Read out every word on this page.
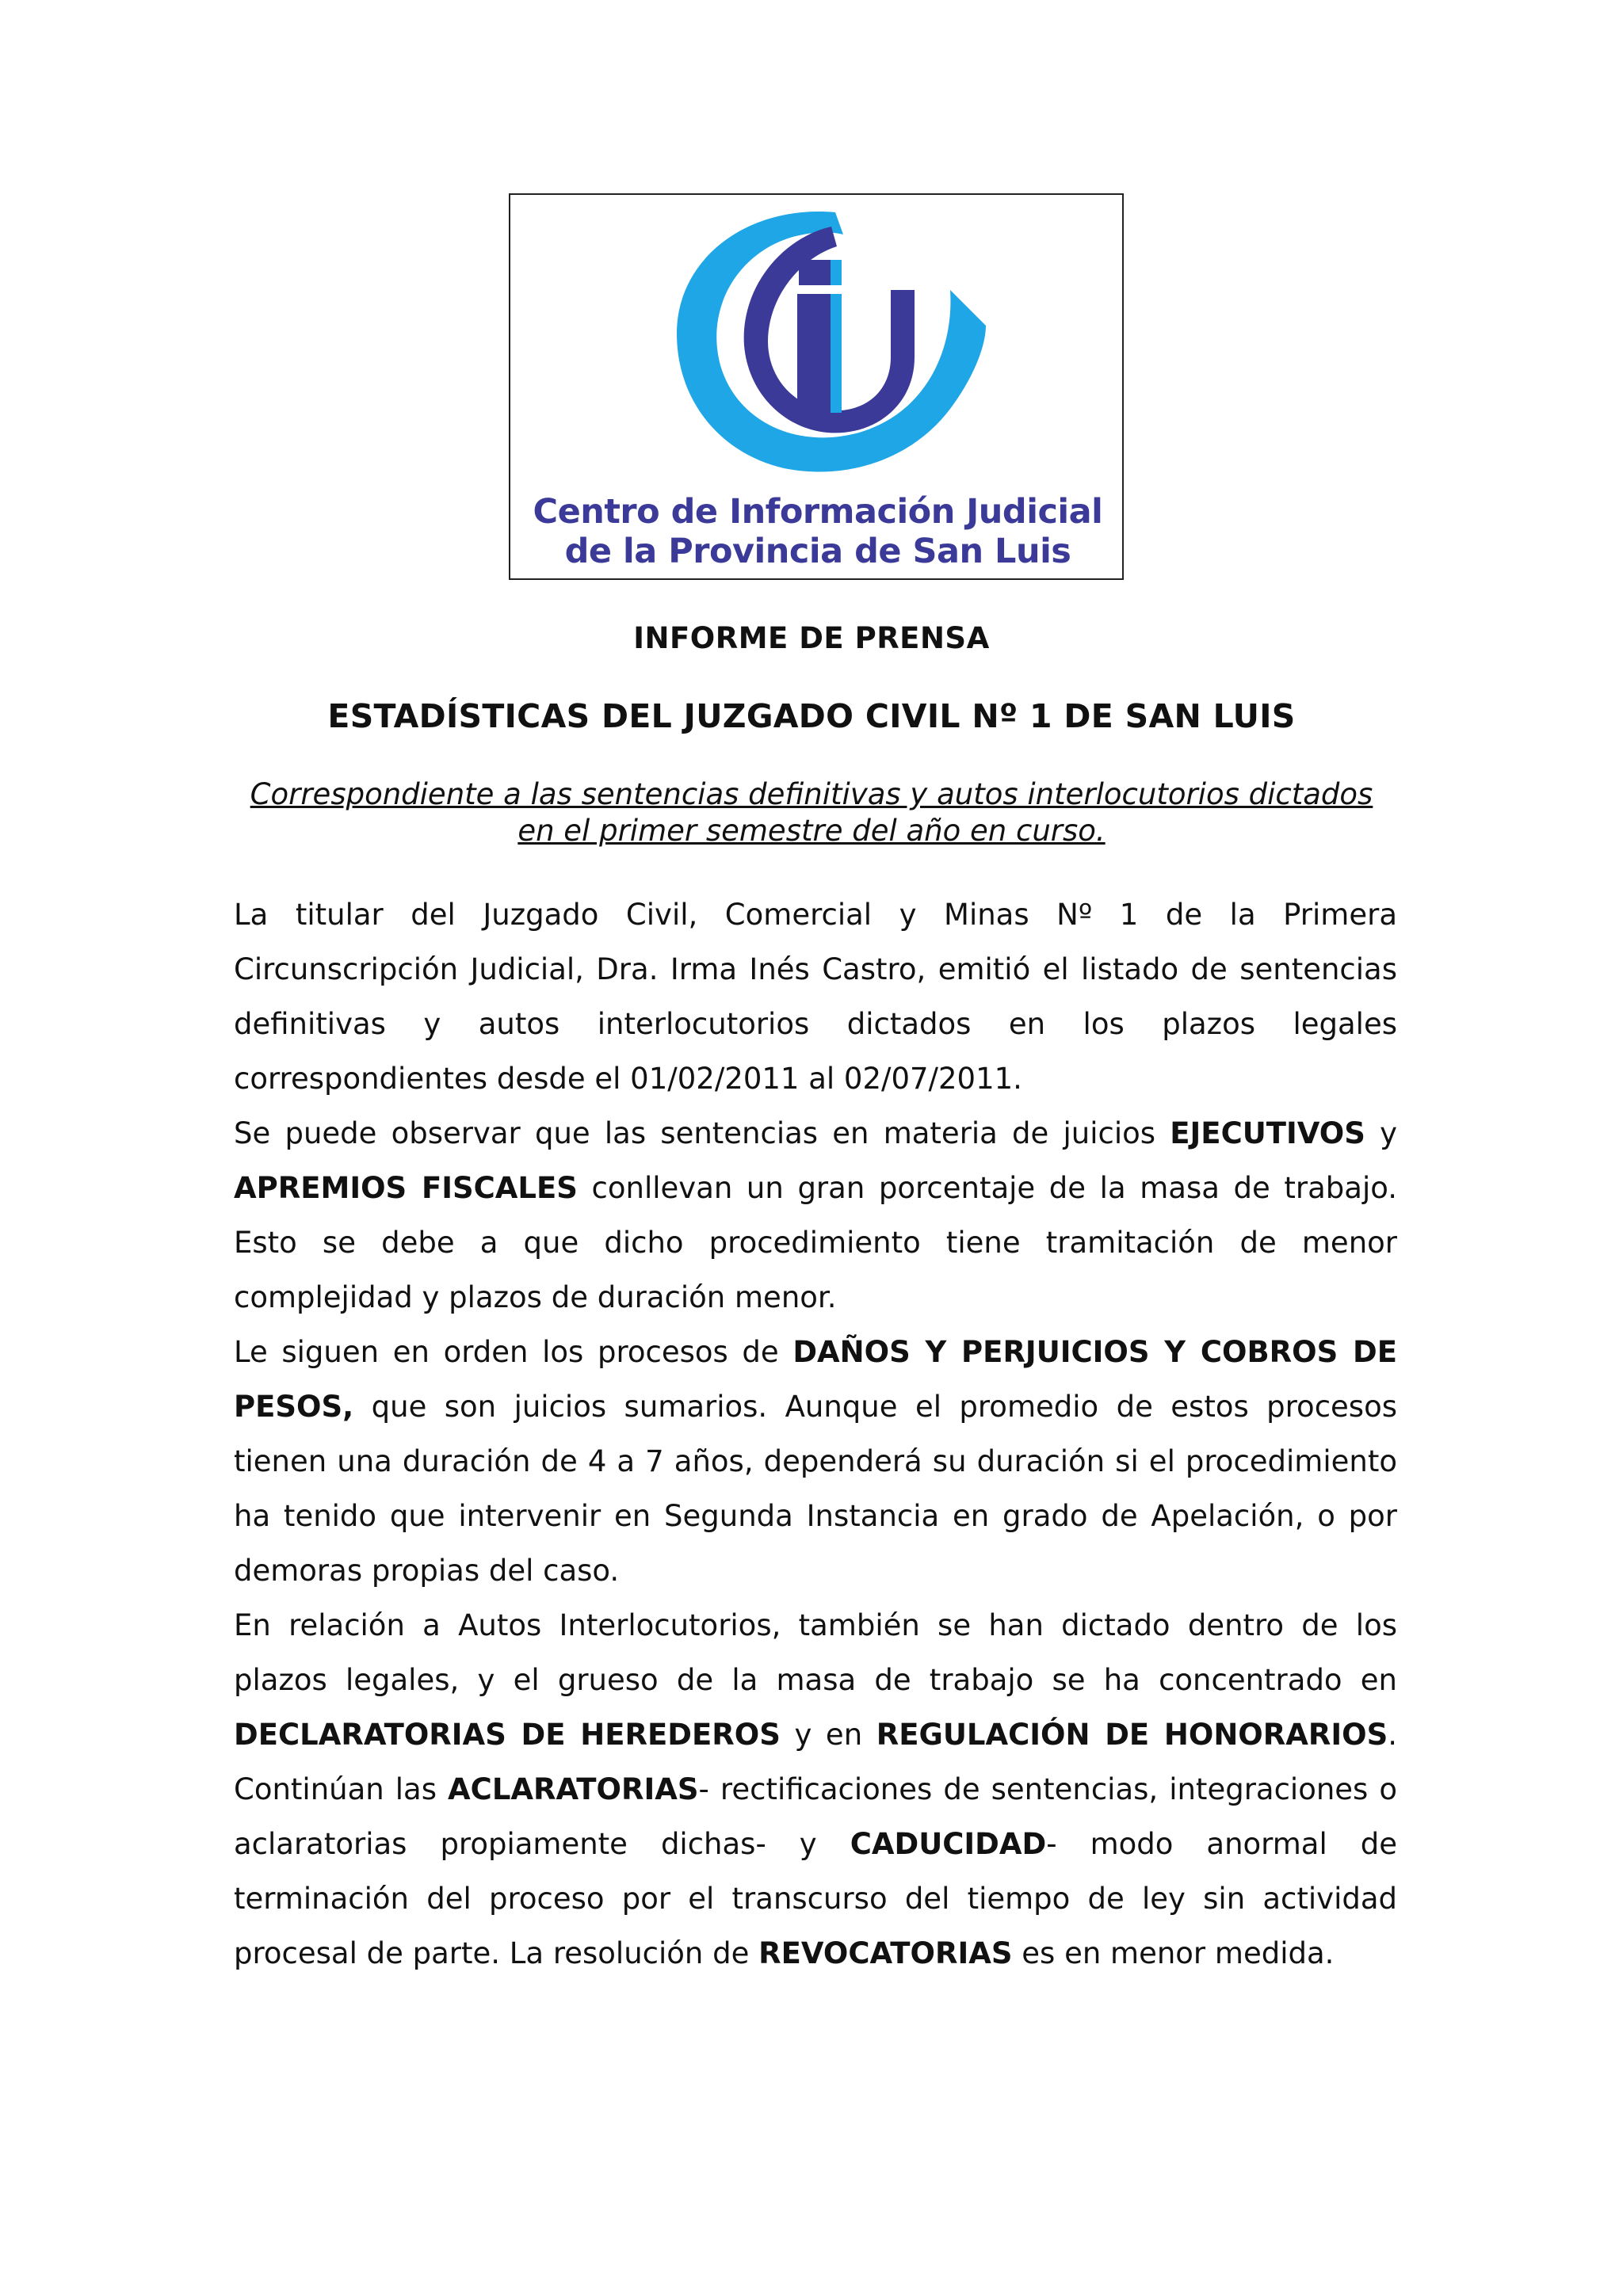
Centro de Información Judicial
de la Provincia de San Luis
INFORME DE PRENSA
ESTADÍSTICAS DEL JUZGADO CIVIL Nº 1 DE SAN LUIS
Correspondiente a las sentencias definitivas y autos interlocutorios dictados
en el primer semestre del año en curso.

La titular del Juzgado Civil, Comercial y Minas Nº 1 de la Primera Circunscripción Judicial, Dra. Irma Inés Castro, emitió el listado de sentencias definitivas y autos interlocutorios dictados en los plazos legales correspondientes desde el 01/02/2011 al 02/07/2011.

Se puede observar que las sentencias en materia de juicios EJECUTIVOS y APREMIOS FISCALES conllevan un gran porcentaje de la masa de trabajo. Esto se debe a que dicho procedimiento tiene tramitación de menor complejidad y plazos de duración menor.

Le siguen en orden los procesos de DAÑOS Y PERJUICIOS Y COBROS DE PESOS, que son juicios sumarios. Aunque el promedio de estos procesos tienen una duración de 4 a 7 años, dependerá su duración si el procedimiento ha tenido que intervenir en Segunda Instancia en grado de Apelación, o por demoras propias del caso.

En relación a Autos Interlocutorios, también se han dictado dentro de los plazos legales, y el grueso de la masa de trabajo se ha concentrado en DECLARATORIAS DE HEREDEROS y en REGULACIÓN DE HONORARIOS. Continúan las ACLARATORIAS- rectificaciones de sentencias, integraciones o aclaratorias propiamente dichas- y CADUCIDAD- modo anormal de terminación del proceso por el transcurso del tiempo de ley sin actividad procesal de parte. La resolución de REVOCATORIAS es en menor medida.
